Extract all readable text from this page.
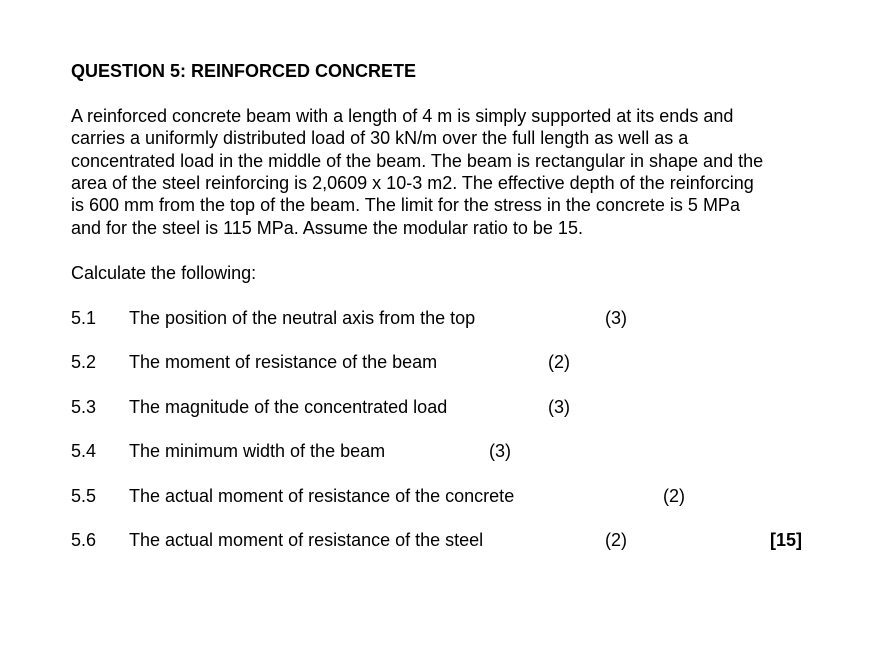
QUESTION 5: REINFORCED CONCRETE
A reinforced concrete beam with a length of 4 m is simply supported at its ends and
carries a uniformly distributed load of 30 kN/m over the full length as well as a
concentrated load in the middle of the beam. The beam is rectangular in shape and the
area of the steel reinforcing is 2,0609 x 10-3 m2. The effective depth of the reinforcing
is 600 mm from the top of the beam. The limit for the stress in the concrete is 5 MPa
and for the steel is 115 MPa. Assume the modular ratio to be 15.
Calculate the following:
5.1 The position of the neutral axis from the top	(3)
5.2 The moment of resistance of the beam	(2)
5.3 The magnitude of the concentrated load	(3)
5.4 The minimum width of the beam	(3)
5.5 The actual moment of resistance of the concrete	(2)
5.6 The actual moment of resistance of the steel	(2)	[15]
